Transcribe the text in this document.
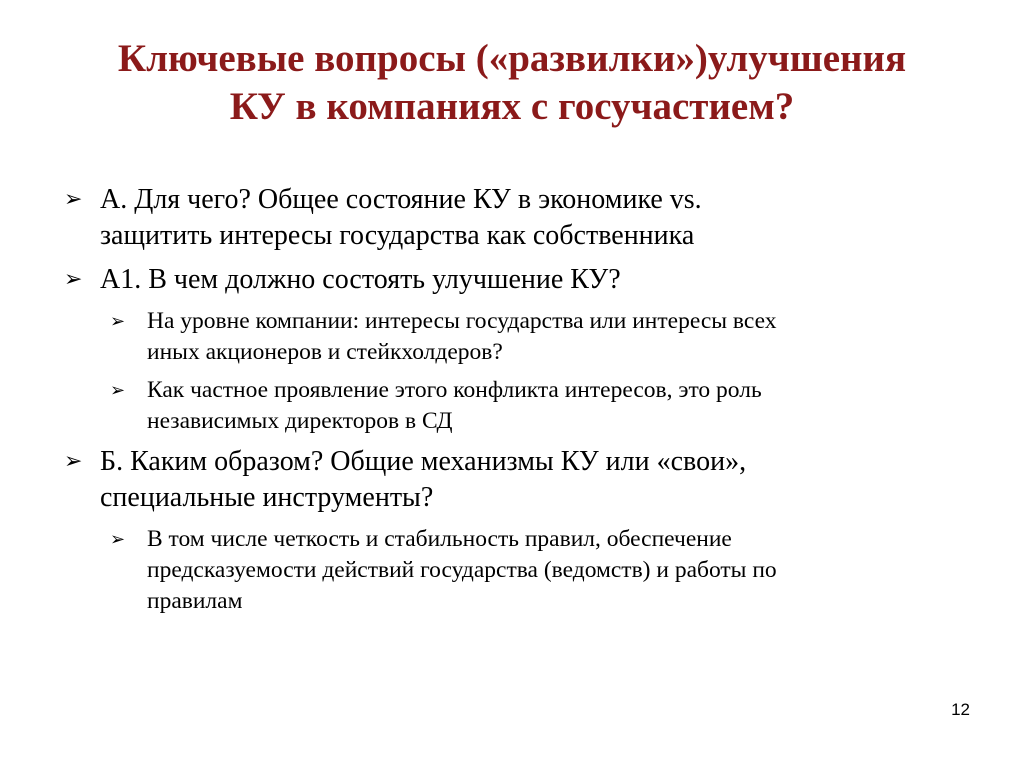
Ключевые вопросы («развилки»)улучшения
КУ в компаниях с госучастием?
➢ А. Для чего? Общее состояние КУ в экономике vs.
защитить интересы государства как собственника
➢ А1. В чем должно состоять улучшение КУ?
➢ На уровне компании: интересы государства или интересы всех
иных акционеров и стейкхолдеров?
➢ Как частное проявление этого конфликта интересов, это роль
независимых директоров в СД
➢ Б. Каким образом? Общие механизмы КУ или «свои»,
специальные инструменты?
➢ В том числе четкость и стабильность правил, обеспечение
предсказуемости действий государства (ведомств) и работы по
правилам
12
